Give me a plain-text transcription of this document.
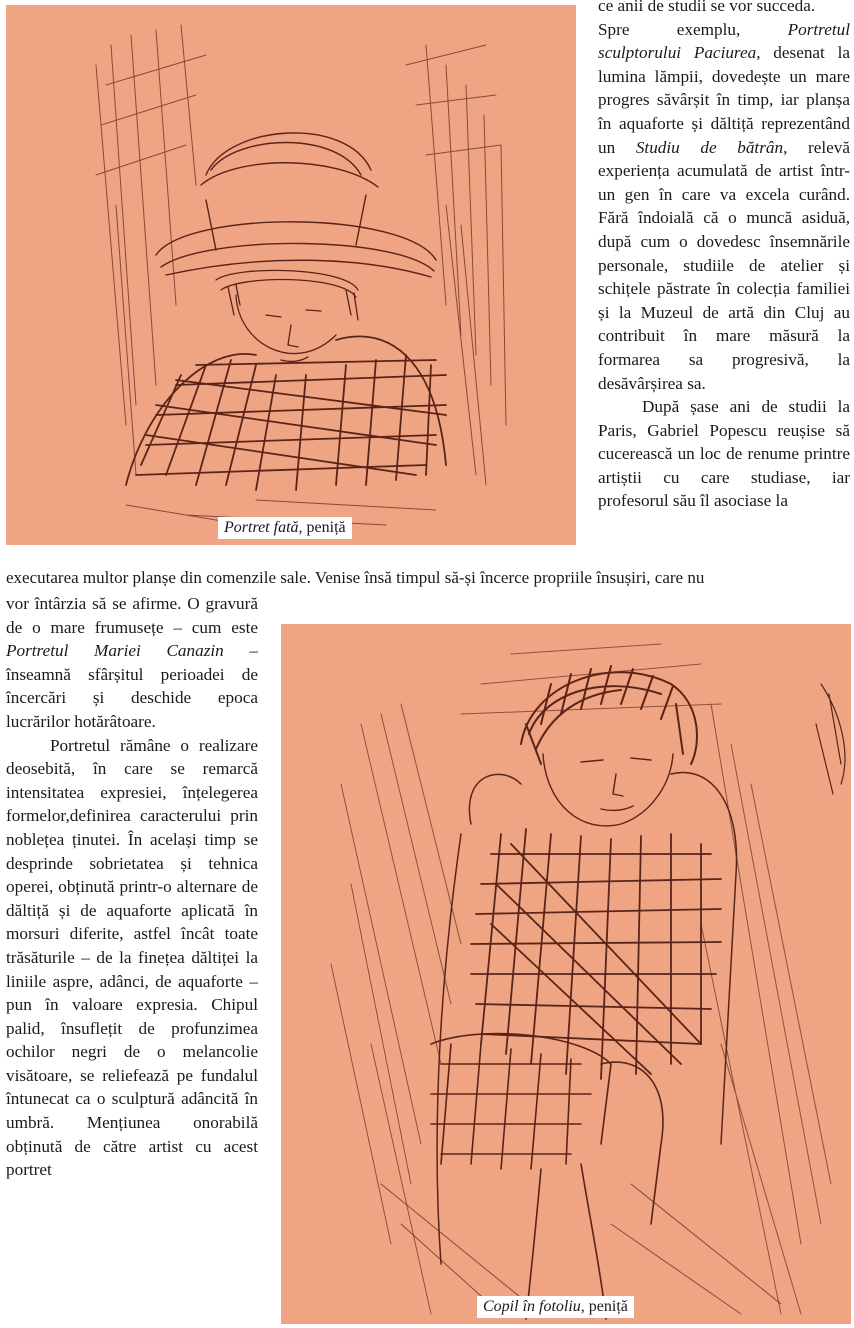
Portret fată, peniță

ce anii de studii se vor succeda.

Spre exemplu,	Portretul sculptorului Paciurea, desenat la lumina lămpii, dovedește un mare progres săvârșit în timp, iar planșa în aquaforte și dăltiță reprezentând un Studiu de bătrân, relevă experiența acumulată de artist într-un gen în care va excela curând. Fără îndoială că o muncă asiduă, după cum o dovedesc însemnările personale, studiile de atelier și schițele păstrate în colecția familiei și la Muzeul de artă din Cluj au contribuit în mare măsură la formarea sa progresivă, la desăvârșirea sa.

După șase ani de studii la Paris, Gabriel Popescu reușise să cucerească un loc de renume printre artiștii cu care studiase, iar profesorul său îl asociase la

executarea multor planșe din comenzile sale. Venise însă timpul să-și încerce propriile însușiri, care nu

vor întârzia să se afirme. O gravură de o mare frumusețe – cum este Portretul Mariei Canazin – înseamnă sfârșitul perioadei de încercări și deschide epoca lucrărilor hotărâtoare.

Portretul rămâne o realizare deosebită, în care se remarcă intensitatea expresiei, înțelegerea formelor,definirea caracterului prin noblețea ținutei. În același timp se desprinde sobrietatea și tehnica operei, obținută printr-o alternare de dăltiță și de aquaforte aplicată în morsuri diferite, astfel încât toate trăsăturile – de la finețea dăltiței la liniile aspre, adânci, de aquaforte – pun în valoare expresia. Chipul palid, însuflețit de profunzimea ochilor negri de o melancolie visătoare, se reliefează pe fundalul întunecat ca o sculptură adâncită în umbră. Mențiunea onorabilă obținută de către artist cu acest portret

Copil în fotoliu, peniță
